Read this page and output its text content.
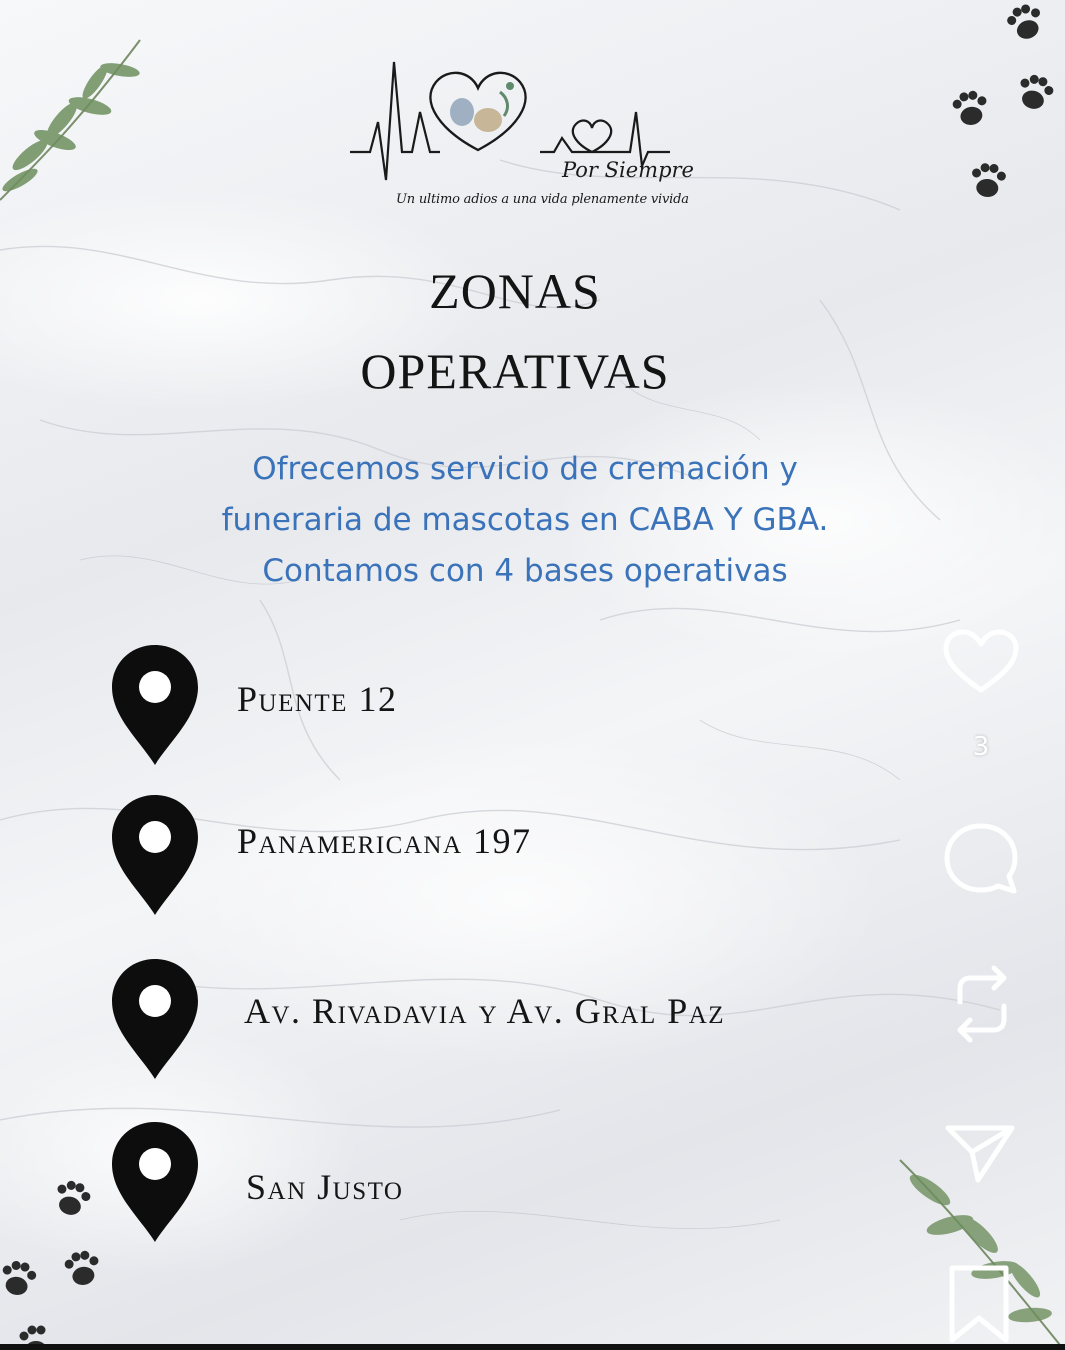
Por Siempre
Un ultimo adios a una vida plenamente vivida
ZONAS
OPERATIVAS
Ofrecemos servicio de cremación y
funeraria de mascotas en CABA Y GBA.
Contamos con 4 bases operativas
Puente 12
Panamericana 197
Av. Rivadavia y Av. Gral Paz
San Justo
3
